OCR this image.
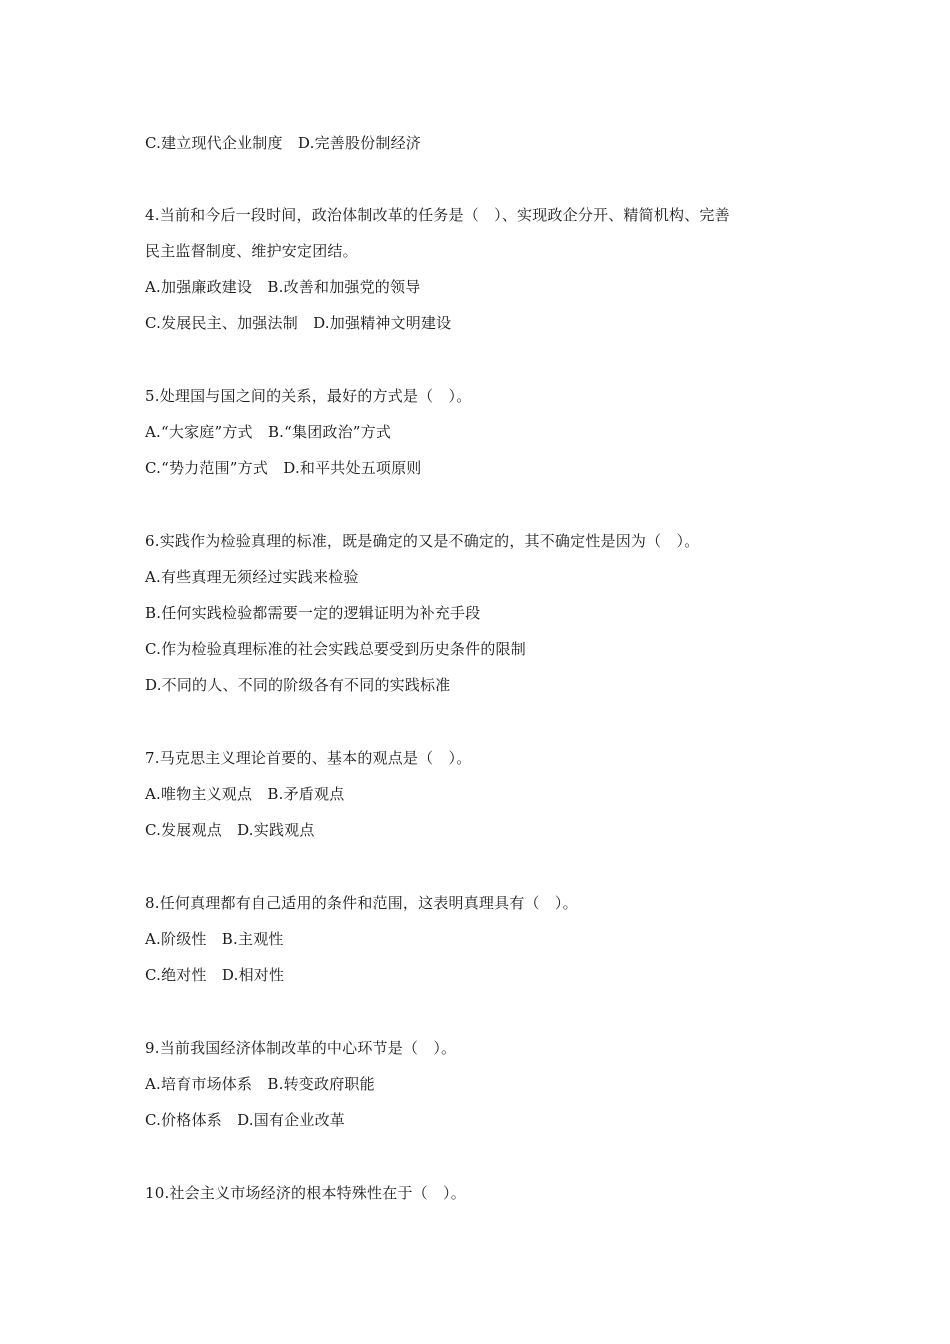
C.建立现代企业制度　D.完善股份制经济
4.当前和今后一段时间，政治体制改革的任务是（　）、实现政企分开、精简机构、完善
民主监督制度、维护安定团结。
A.加强廉政建设　B.改善和加强党的领导
C.发展民主、加强法制　D.加强精神文明建设
5.处理国与国之间的关系，最好的方式是（　）。
A.“大家庭”方式　B.“集团政治”方式
C.“势力范围”方式　D.和平共处五项原则
6.实践作为检验真理的标准，既是确定的又是不确定的，其不确定性是因为（　）。
A.有些真理无须经过实践来检验
B.任何实践检验都需要一定的逻辑证明为补充手段
C.作为检验真理标准的社会实践总要受到历史条件的限制
D.不同的人、不同的阶级各有不同的实践标准
7.马克思主义理论首要的、基本的观点是（　）。
A.唯物主义观点　B.矛盾观点
C.发展观点　D.实践观点
8.任何真理都有自己适用的条件和范围，这表明真理具有（　）。
A.阶级性　B.主观性
C.绝对性　D.相对性
9.当前我国经济体制改革的中心环节是（　）。
A.培育市场体系　B.转变政府职能
C.价格体系　D.国有企业改革
10.社会主义市场经济的根本特殊性在于（　）。
